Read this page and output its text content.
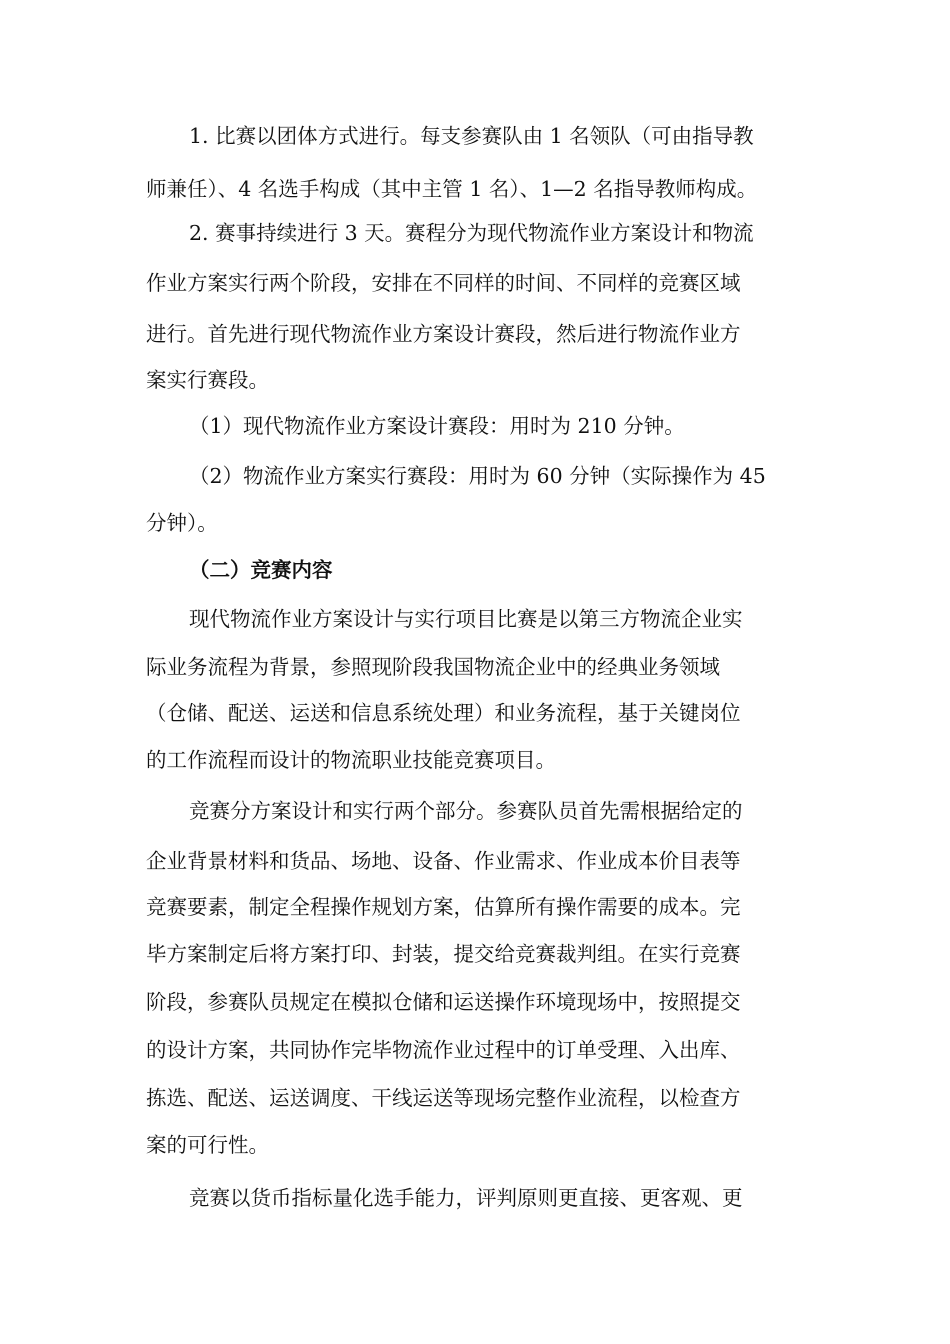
1. 比赛以团体方式进行。每支参赛队由 1 名领队（可由指导教
师兼任）、4 名选手构成（其中主管 1 名）、1—2 名指导教师构成。
2. 赛事持续进行 3 天。赛程分为现代物流作业方案设计和物流
作业方案实行两个阶段，安排在不同样的时间、不同样的竞赛区域
进行。首先进行现代物流作业方案设计赛段，然后进行物流作业方
案实行赛段。
（1）现代物流作业方案设计赛段：用时为 210 分钟。
（2）物流作业方案实行赛段：用时为 60 分钟（实际操作为 45
分钟）。
（二）竞赛内容
现代物流作业方案设计与实行项目比赛是以第三方物流企业实
际业务流程为背景，参照现阶段我国物流企业中的经典业务领域
（仓储、配送、运送和信息系统处理）和业务流程，基于关键岗位
的工作流程而设计的物流职业技能竞赛项目。
竞赛分方案设计和实行两个部分。参赛队员首先需根据给定的
企业背景材料和货品、场地、设备、作业需求、作业成本价目表等
竞赛要素，制定全程操作规划方案，估算所有操作需要的成本。完
毕方案制定后将方案打印、封装，提交给竞赛裁判组。在实行竞赛
阶段，参赛队员规定在模拟仓储和运送操作环境现场中，按照提交
的设计方案，共同协作完毕物流作业过程中的订单受理、入出库、
拣选、配送、运送调度、干线运送等现场完整作业流程，以检查方
案的可行性。
竞赛以货币指标量化选手能力，评判原则更直接、更客观、更
